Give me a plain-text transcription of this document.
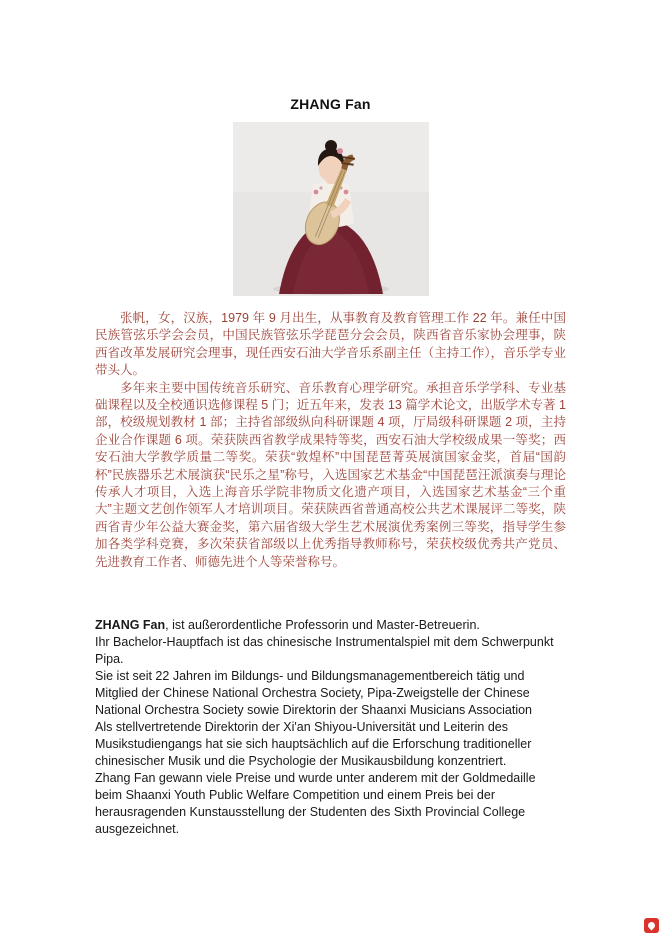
ZHANG Fan

张帆，女，汉族，1979 年 9 月出生，从事教育及教育管理工作 22 年。兼任中国民族管弦乐学会会员，中国民族管弦乐学琵琶分会会员，陕西省音乐家协会理事，陕西省改革发展研究会理事，现任西安石油大学音乐系副主任（主持工作），音乐学专业带头人。

多年来主要中国传统音乐研究、音乐教育心理学研究。承担音乐学学科、专业基础课程以及全校通识选修课程 5 门；近五年来，发表 13 篇学术论文，出版学术专著 1 部，校级规划教材 1 部；主持省部级纵向科研课题 4 项，厅局级科研课题 2 项，主持企业合作课题 6 项。荣获陕西省教学成果特等奖，西安石油大学校级成果一等奖；西安石油大学教学质量二等奖。荣获“敦煌杯”中国琵琶菁英展演国家金奖，首届“国韵杯”民族器乐艺术展演获“民乐之星”称号，入选国家艺术基金“中国琵琶汪派演奏与理论传承人才项目，入选上海音乐学院非物质文化遗产项目，入选国家艺术基金“三个重大”主题文艺创作领军人才培训项目。荣获陕西省普通高校公共艺术课展评二等奖，陕西省青少年公益大赛金奖，第六届省级大学生艺术展演优秀案例三等奖，指导学生参加各类学科竞赛，多次荣获省部级以上优秀指导教师称号，荣获校级优秀共产党员、先进教育工作者、师德先进个人等荣誉称号。

ZHANG Fan, ist außerordentliche Professorin und Master-Betreuerin.

Ihr Bachelor-Hauptfach ist das chinesische Instrumentalspiel mit dem Schwerpunkt Pipa.

Sie ist seit 22 Jahren im Bildungs- und Bildungsmanagementbereich tätig und Mitglied der Chinese National Orchestra Society, Pipa-Zweigstelle der Chinese National Orchestra Society sowie Direktorin der Shaanxi Musicians Association

Als stellvertretende Direktorin der Xi'an Shiyou-Universität und Leiterin des Musikstudiengangs hat sie sich hauptsächlich auf die Erforschung traditioneller chinesischer Musik und die Psychologie der Musikausbildung konzentriert.

Zhang Fan gewann viele Preise und wurde unter anderem mit der Goldmedaille beim Shaanxi Youth Public Welfare Competition und einem Preis bei der herausragenden Kunstausstellung der Studenten des Sixth Provincial College ausgezeichnet.
